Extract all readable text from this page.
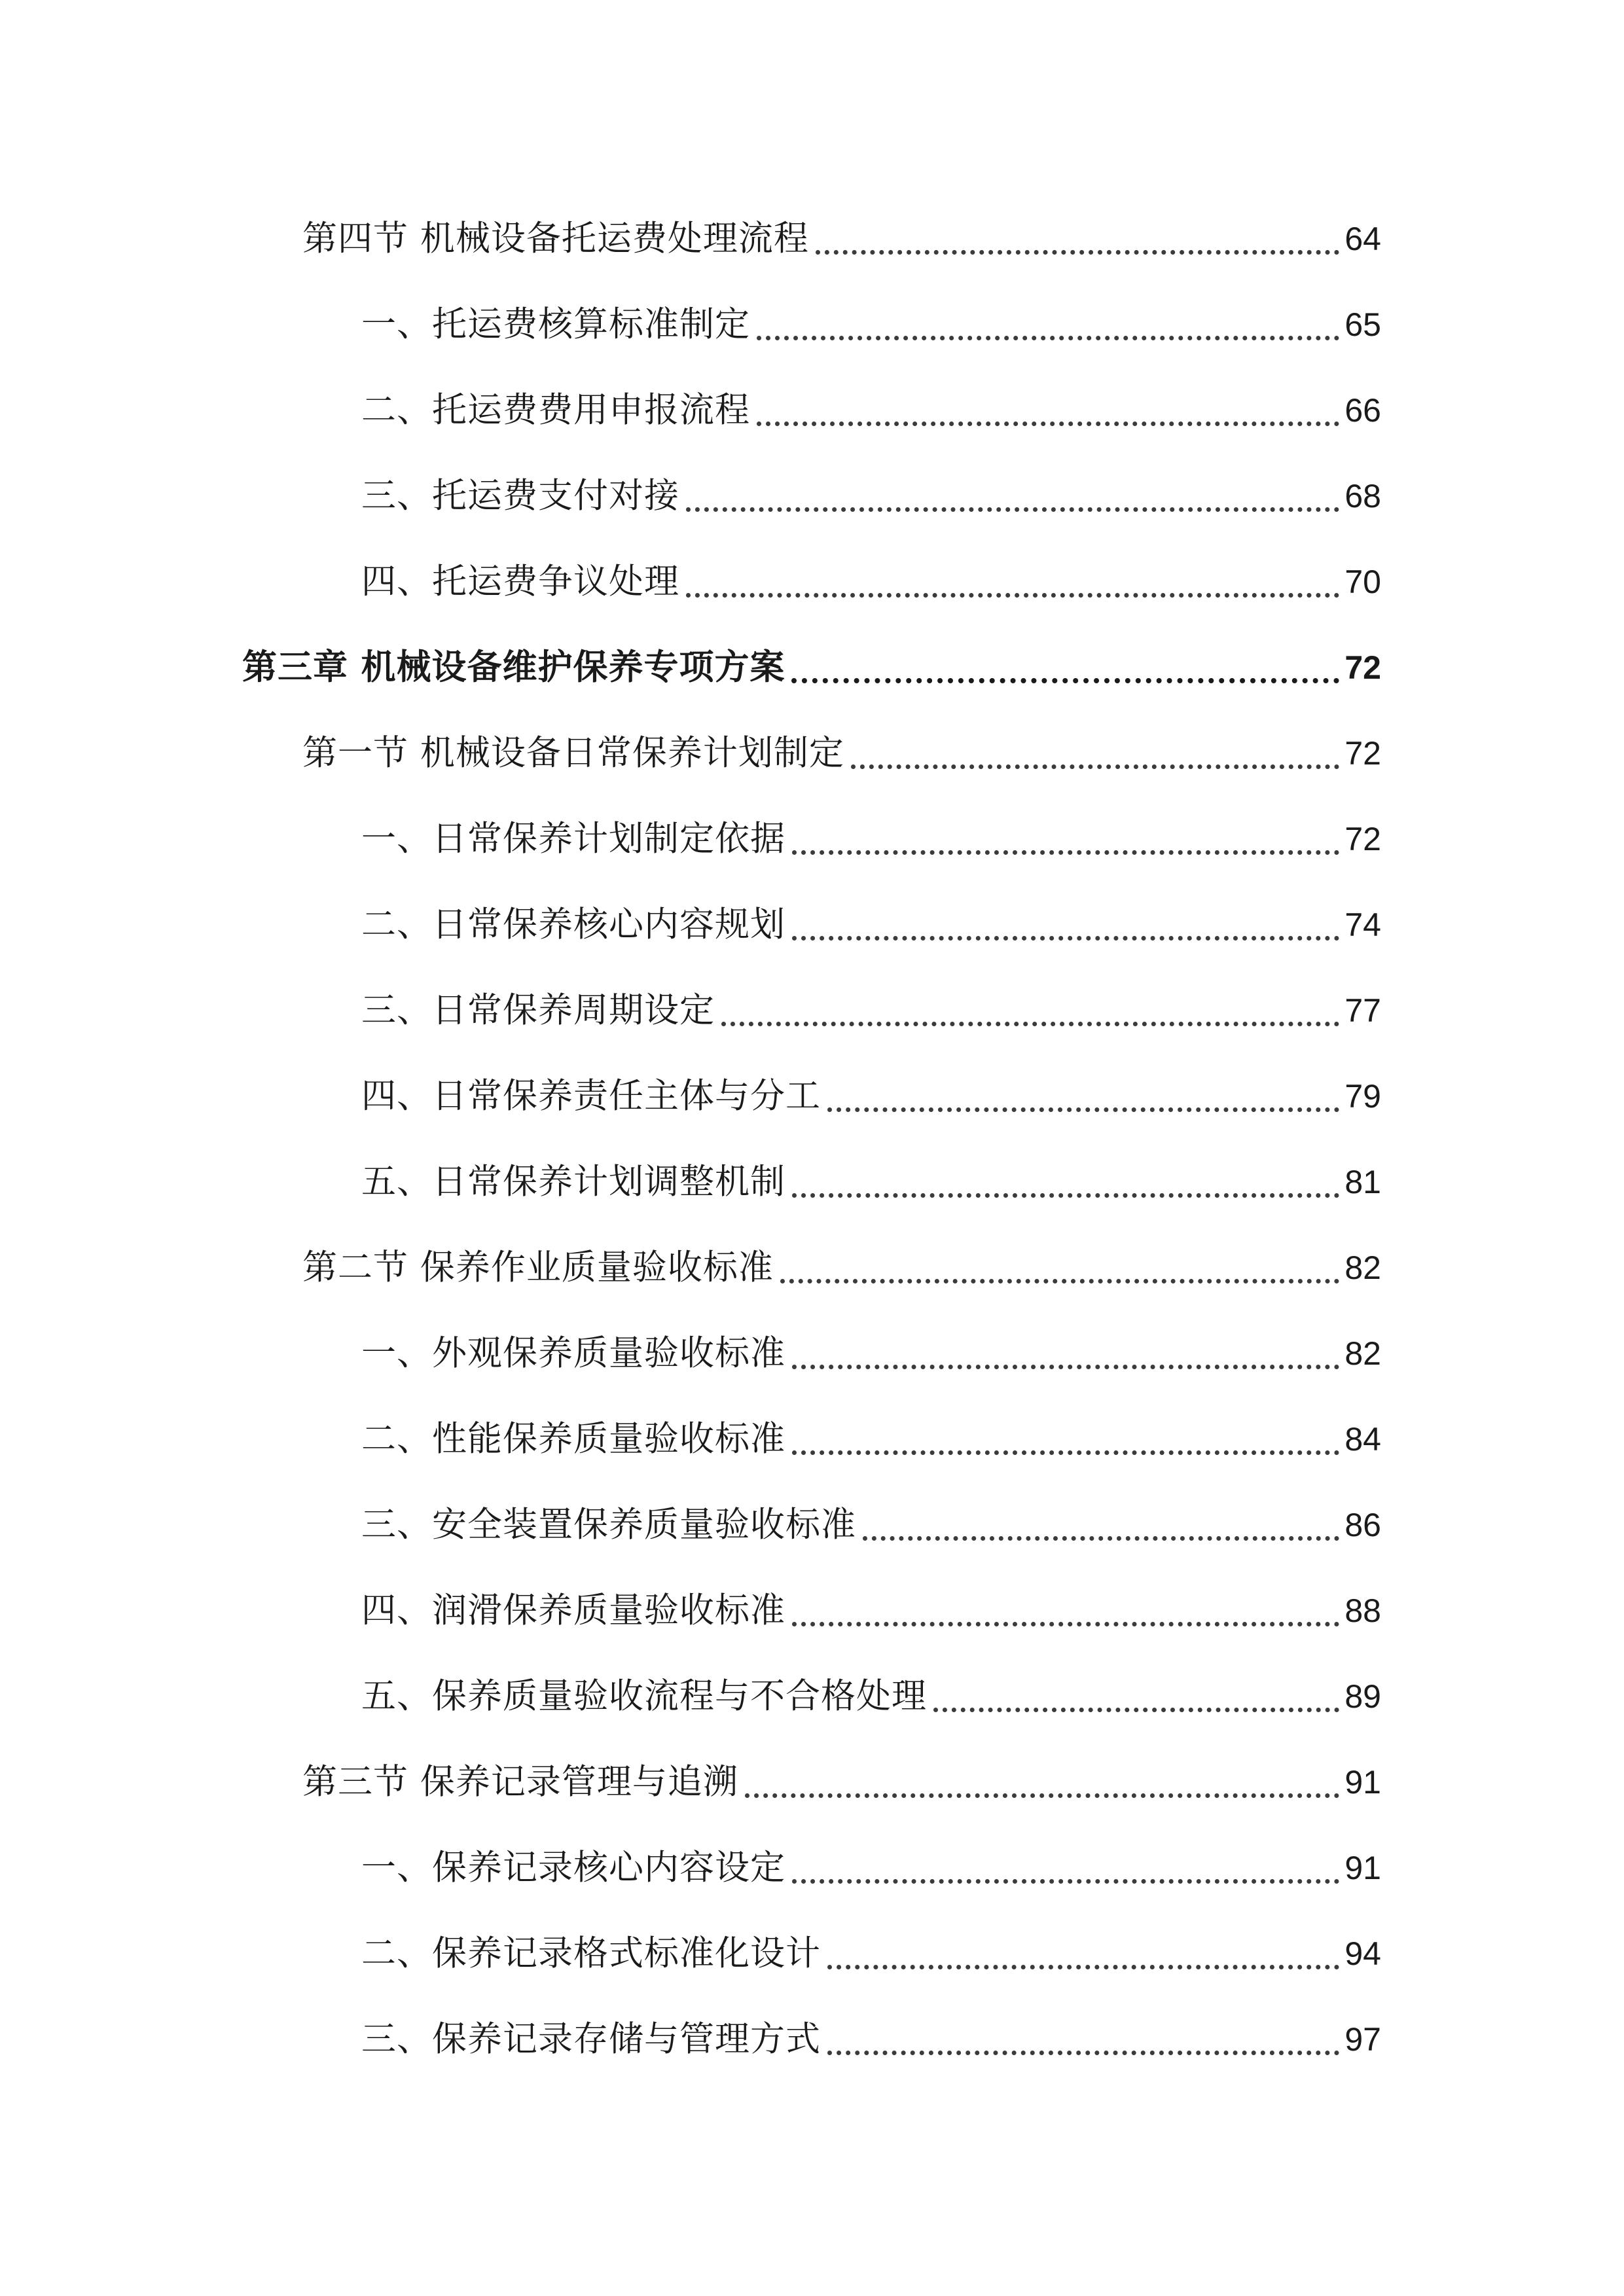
第四节 机械设备托运费处理流程	64
一、托运费核算标准制定	65
二、托运费费用申报流程	66
三、托运费支付对接	68
四、托运费争议处理	70
第三章 机械设备维护保养专项方案	72
第一节 机械设备日常保养计划制定	72
一、日常保养计划制定依据	72
二、日常保养核心内容规划	74
三、日常保养周期设定	77
四、日常保养责任主体与分工	79
五、日常保养计划调整机制	81
第二节 保养作业质量验收标准	82
一、外观保养质量验收标准	82
二、性能保养质量验收标准	84
三、安全装置保养质量验收标准	86
四、润滑保养质量验收标准	88
五、保养质量验收流程与不合格处理	89
第三节 保养记录管理与追溯	91
一、保养记录核心内容设定	91
二、保养记录格式标准化设计	94
三、保养记录存储与管理方式	97
